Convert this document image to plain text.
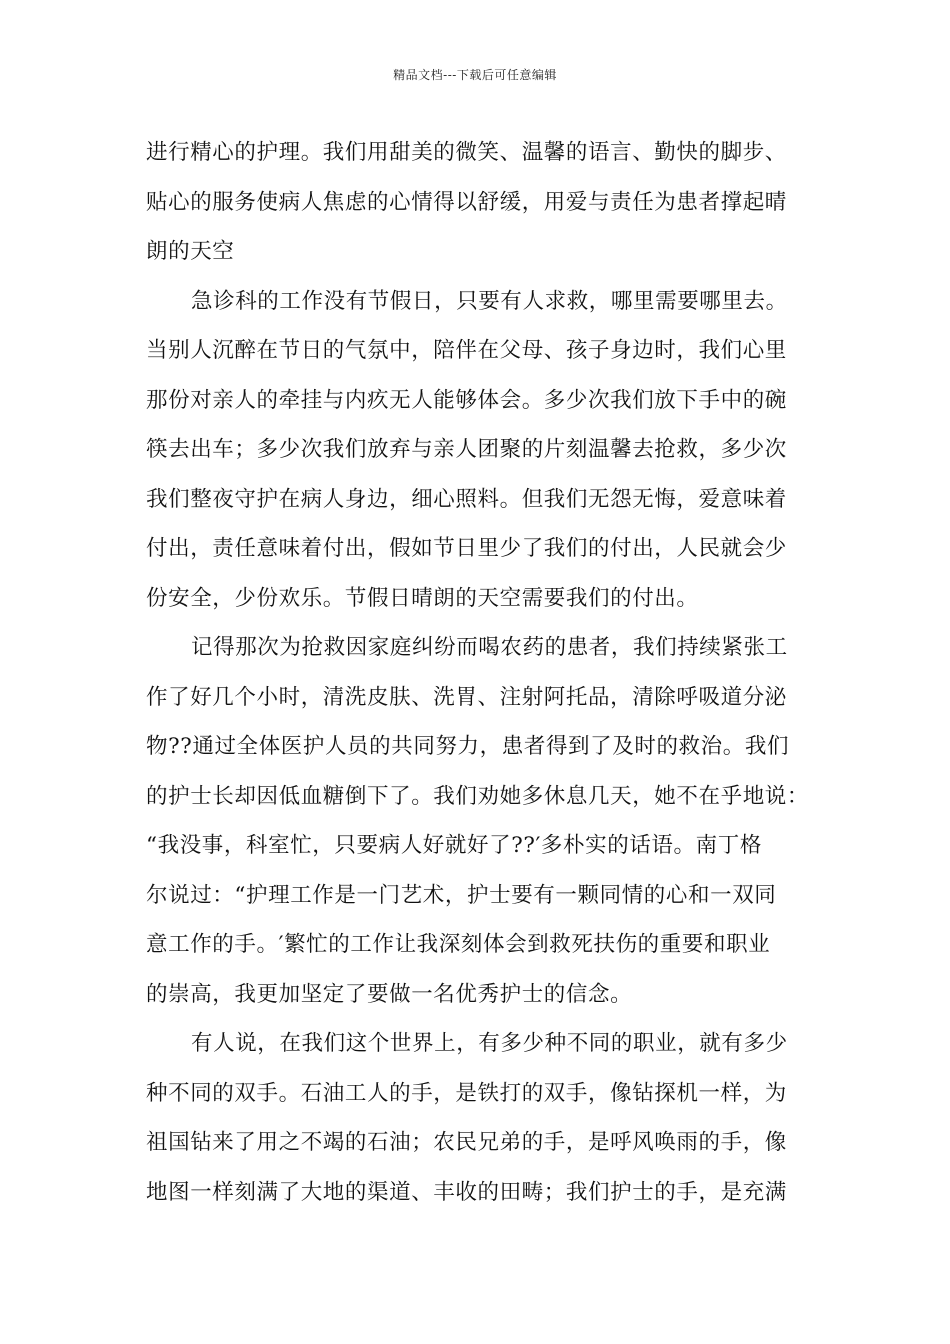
精品文档---下载后可任意编辑
进行精心的护理。我们用甜美的微笑、温馨的语言、勤快的脚步、
贴心的服务使病人焦虑的心情得以舒缓，用爱与责任为患者撑起晴
朗的天空
急诊科的工作没有节假日，只要有人求救，哪里需要哪里去。
当别人沉醉在节日的气氛中，陪伴在父母、孩子身边时，我们心里
那份对亲人的牵挂与内疚无人能够体会。多少次我们放下手中的碗
筷去出车；多少次我们放弃与亲人团聚的片刻温馨去抢救，多少次
我们整夜守护在病人身边，细心照料。但我们无怨无悔，爱意味着
付出，责任意味着付出，假如节日里少了我们的付出，人民就会少
份安全，少份欢乐。节假日晴朗的天空需要我们的付出。
记得那次为抢救因家庭纠纷而喝农药的患者，我们持续紧张工
作了好几个小时，清洗皮肤、洗胃、注射阿托品，清除呼吸道分泌
物??通过全体医护人员的共同努力，患者得到了及时的救治。我们
的护士长却因低血糖倒下了。我们劝她多休息几天，她不在乎地说：
“我没事，科室忙，只要病人好就好了??′多朴实的话语。南丁格
尔说过：“护理工作是一门艺术，护士要有一颗同情的心和一双同
意工作的手。′繁忙的工作让我深刻体会到救死扶伤的重要和职业
的崇高，我更加坚定了要做一名优秀护士的信念。
有人说，在我们这个世界上，有多少种不同的职业，就有多少
种不同的双手。石油工人的手，是铁打的双手，像钻探机一样，为
祖国钻来了用之不竭的石油；农民兄弟的手，是呼风唤雨的手，像
地图一样刻满了大地的渠道、丰收的田畴；我们护士的手，是充满
